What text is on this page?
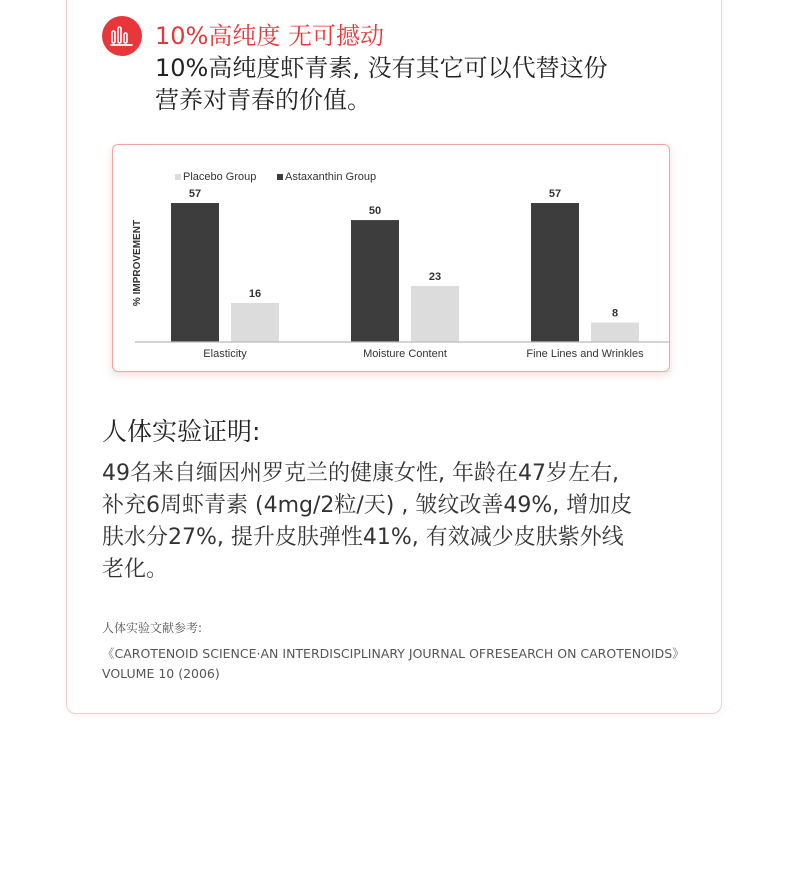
10%高纯度 无可撼动
10%高纯度虾青素, 没有其它可以代替这份
营养对青春的价值。
Placebo Group	Astaxanthin Group
% IMPROVEMENT
57
16
Elasticity
50
23
Moisture Content
57
8
Fine Lines and Wrinkles
人体实验证明:
49名来自缅因州罗克兰的健康女性, 年龄在47岁左右,
补充6周虾青素 (4mg/2粒/天) , 皱纹改善49%, 增加皮
肤水分27%, 提升皮肤弹性41%, 有效减少皮肤紫外线
老化。
人体实验文献参考:
《CAROTENOID SCIENCE·AN INTERDISCIPLINARY JOURNAL OFRESEARCH ON CAROTENOIDS》
VOLUME 10 (2006)
